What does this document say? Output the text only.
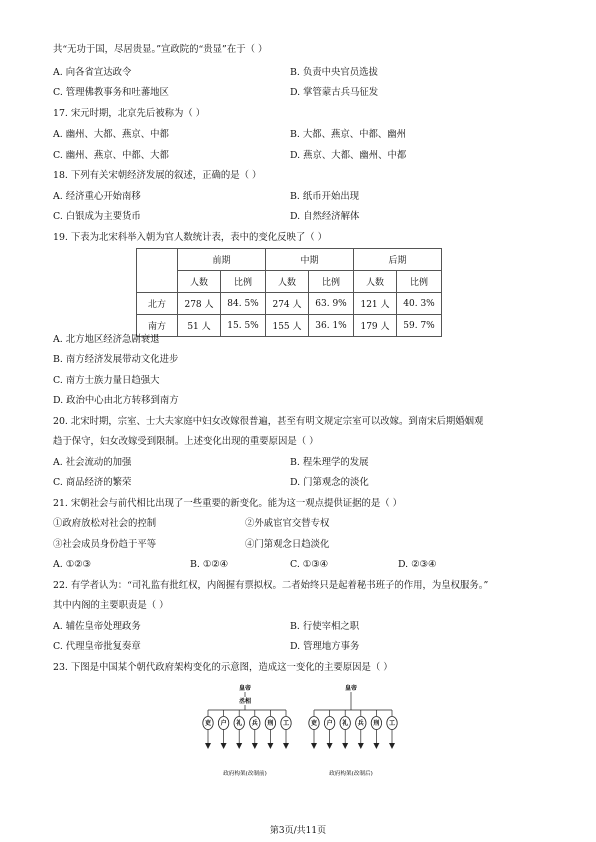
共“无功于国，尽居贵显。”宣政院的“贵显”在于（ ）
A. 向各省宣达政令	B. 负责中央官员选拔
C. 管理佛教事务和吐蕃地区	D. 掌管蒙古兵马征发
17. 宋元时期，北京先后被称为（ ）
A. 幽州、大都、燕京、中都	B. 大都、燕京、中都、幽州
C. 幽州、燕京、中都、大都	D. 燕京、大都、幽州、中都
18. 下列有关宋朝经济发展的叙述，正确的是（ ）
A. 经济重心开始南移	B. 纸币开始出现
C. 白银成为主要货币	D. 自然经济解体
19. 下表为北宋科举入朝为官人数统计表，表中的变化反映了（ ）
	前期		中期		后期	
	人数	比例	人数	比例	人数	比例
北方	278 人	84. 5%	274 人	63. 9%	121 人	40. 3%
南方	51 人	15. 5%	155 人	36. 1%	179 人	59. 7%
A. 北方地区经济急剧衰退
B. 南方经济发展带动文化进步
C. 南方士族力量日趋强大
D. 政治中心由北方转移到南方
20. 北宋时期，宗室、士大夫家庭中妇女改嫁很普遍，甚至有明文规定宗室可以改嫁。到南宋后期婚姻观
趋于保守，妇女改嫁受到限制。上述变化出现的重要原因是（ ）
A. 社会流动的加强	B. 程朱理学的发展
C. 商品经济的繁荣	D. 门第观念的淡化
21. 宋朝社会与前代相比出现了一些重要的新变化。能为这一观点提供证据的是（ ）
①政府放松对社会的控制	②外戚宦官交替专权
③社会成员身份趋于平等	④门第观念日趋淡化
A. ①②③	B. ①②④	C. ①③④	D. ②③④
22. 有学者认为：“司礼监有批红权，内阁握有票拟权。二者始终只是起着秘书班子的作用，为皇权服务。”
其中内阁的主要职责是（ ）
A. 辅佐皇帝处理政务	B. 行使宰相之职
C. 代理皇帝批复奏章	D. 管理地方事务
23. 下图是中国某个朝代政府架构变化的示意图，造成这一变化的主要原因是（ ）
皇帝
丞相
吏 户 礼 兵 刑 工
政府构架(改制前)
皇帝
吏 户 礼 兵 刑 工
政府构架(改制后)
第3页/共11页
